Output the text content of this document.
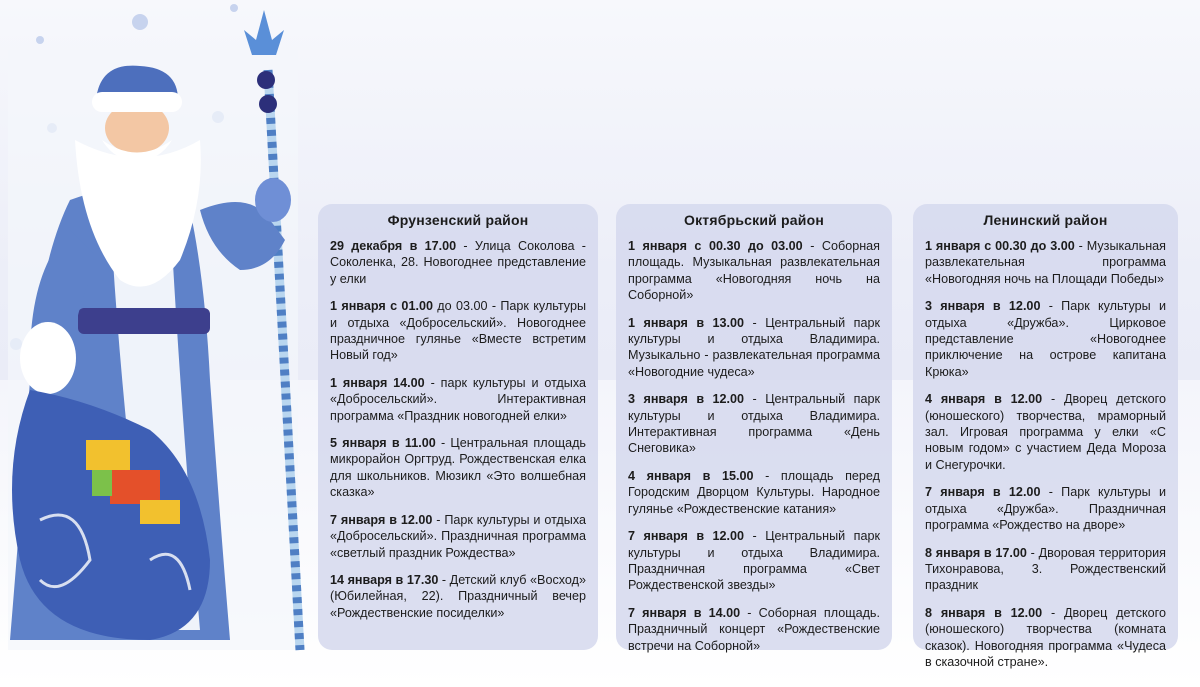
Фрунзенский район
29 декабря в 17.00 - Улица Соколова - Соколенка, 28. Новогоднее представление у елки
1 января с 01.00 до 03.00 - Парк культуры и отдыха «Добросельский». Новогоднее праздничное гулянье «Вместе встретим Новый год»
1 января 14.00 - парк культуры и отдыха «Добросельский». Интерактивная программа «Праздник новогодней елки»
5 января в 11.00 - Центральная площадь микрорайон Оргтруд. Рождественская елка для школьников. Мюзикл «Это волшебная сказка»
7 января в 12.00 - Парк культуры и отдыха «Добросельский». Праздничная программа «светлый праздник Рождества»
14 января в 17.30 - Детский клуб «Восход» (Юбилейная, 22). Праздничный вечер «Рождественские посиделки»
Октябрьский район
1 января с 00.30 до 03.00 - Соборная площадь. Музыкальная развлекательная программа «Новогодняя ночь на Соборной»
1 января в 13.00 - Центральный парк культуры и отдыха Владимира. Музыкально - развлекательная программа «Новогодние чудеса»
3 января в 12.00 - Центральный парк культуры и отдыха Владимира. Интерактивная программа «День Снеговика»
4 января в 15.00 - площадь перед Городским Дворцом Культуры. Народное гулянье «Рождественские катания»
7 января в 12.00 - Центральный парк культуры и отдыха Владимира. Праздничная программа «Свет Рождественской звезды»
7 января в 14.00 - Соборная площадь. Праздничный концерт «Рождественские встречи на Соборной»
Ленинский район
1 января с 00.30 до 3.00 - Музыкальная развлекательная программа «Новогодняя ночь на Площади Победы»
3 января в 12.00 - Парк культуры и отдыха «Дружба». Цирковое представление «Новогоднее приключение на острове капитана Крюка»
4 января в 12.00 - Дворец детского (юношеского) творчества, мраморный зал. Игровая программа у елки «С новым годом» с участием Деда Мороза и Снегурочки.
7 января в 12.00 - Парк культуры и отдыха «Дружба». Праздничная программа «Рождество на дворе»
8 января в 17.00 - Дворовая территория Тихонравова, 3. Рождественский праздник
8 января в 12.00 - Дворец детского (юношеского) творчества (комната сказок). Новогодняя программа «Чудеса в сказочной стране».
